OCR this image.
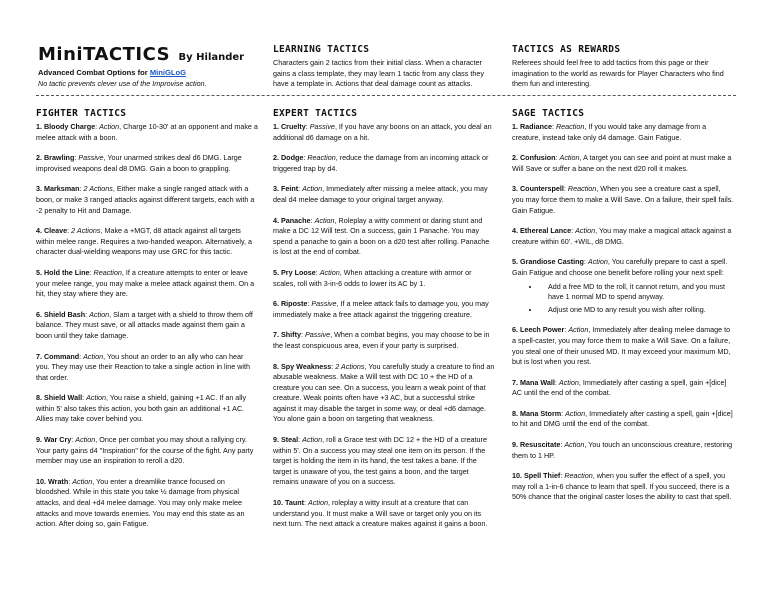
MiniTACTICS By Hilander
Advanced Combat Options for MiniGLoG
No tactic prevents clever use of the Improvise action.
LEARNING TACTICS
Characters gain 2 tactics from their initial class. When a character gains a class template, they may learn 1 tactic from any class they have a template in. Actions that deal damage count as attacks.
TACTICS AS REWARDS
Referees should feel free to add tactics from this page or their imagination to the world as rewards for Player Characters who find them fun and interesting.
FIGHTER TACTICS
1. Bloody Charge: Action, Charge 10-30' at an opponent and make a melee attack with a boon.
2. Brawling: Passive, Your unarmed strikes deal d6 DMG. Large improvised weapons deal d8 DMG. Gain a boon to grappling.
3. Marksman: 2 Actions, Either make a single ranged attack with a boon, or make 3 ranged attacks against different targets, each with a -2 penalty to Hit and Damage.
4. Cleave: 2 Actions, Make a +MGT, d8 attack against all targets within melee range. Requires a two-handed weapon. Alternatively, a character dual-wielding weapons may use GRC for this tactic.
5. Hold the Line: Reaction, If a creature attempts to enter or leave your melee range, you may make a melee attack against them. On a hit, they stay where they are.
6. Shield Bash: Action, Slam a target with a shield to throw them off balance. They must save, or all attacks made against them gain a boon until they take damage.
7. Command: Action, You shout an order to an ally who can hear you. They may use their Reaction to take a single action in line with that order.
8. Shield Wall: Action, You raise a shield, gaining +1 AC. If an ally within 5' also takes this action, you both gain an additional +1 AC. Allies may take cover behind you.
9. War Cry: Action, Once per combat you may shout a rallying cry. Your party gains d4 "Inspiration" for the course of the fight. Any party member may use an inspiration to reroll a d20.
10. Wrath: Action, You enter a dreamlike trance focused on bloodshed. While in this state you take ½ damage from physical attacks, and deal +d4 melee damage. You may only make melee attacks and move towards enemies. You may end this state as an action. After doing so, gain Fatigue.
EXPERT TACTICS
1. Cruelty: Passive, If you have any boons on an attack, you deal an additional d6 damage on a hit.
2. Dodge: Reaction, reduce the damage from an incoming attack or triggered trap by d4.
3. Feint: Action, Immediately after missing a melee attack, you may deal d4 melee damage to your original target anyway.
4. Panache: Action, Roleplay a witty comment or daring stunt and make a DC 12 Will test. On a success, gain 1 Panache. You may spend a panache to gain a boon on a d20 test after rolling. Panache is lost at the end of combat.
5. Pry Loose: Action, When attacking a creature with armor or scales, roll with 3-in-6 odds to lower its AC by 1.
6. Riposte: Passive, If a melee attack fails to damage you, you may immediately make a free attack against the triggering creature.
7. Shifty: Passive, When a combat begins, you may choose to be in the least conspicuous area, even if your party is surprised.
8. Spy Weakness: 2 Actions, You carefully study a creature to find an abusable weakness. Make a Will test with DC 10 + the HD of a creature you can see. On a success, you learn a weak point of that creature. Weak points often have +3 AC, but a successful strike against it may disable the target in some way, or deal +d6 damage. You alone gain a boon on targeting that weakness.
9. Steal: Action, roll a Grace test with DC 12 + the HD of a creature within 5'. On a success you may steal one item on its person. If the target is holding the item in its hand, the test takes a bane. If the target is unaware of you, the test gains a boon, and the target remains unaware of you on a success.
10. Taunt: Action, roleplay a witty insult at a creature that can understand you. It must make a Will save or target only you on its next turn. The next attack a creature makes against it gains a boon.
SAGE TACTICS
1. Radiance: Reaction, If you would take any damage from a creature, instead take only d4 damage. Gain Fatigue.
2. Confusion: Action, A target you can see and point at must make a Will Save or suffer a bane on the next d20 roll it makes.
3. Counterspell: Reaction, When you see a creature cast a spell, you may force them to make a Will Save. On a failure, their spell fails. Gain Fatigue.
4. Ethereal Lance: Action, You may make a magical attack against a creature within 60'. +WIL, d8 DMG.
5. Grandiose Casting: Action, You carefully prepare to cast a spell. Gain Fatigue and choose one benefit before rolling your next spell:
• Add a free MD to the roll, it cannot return, and you must have 1 normal MD to spend anyway.
• Adjust one MD to any result you wish after rolling.
6. Leech Power: Action, Immediately after dealing melee damage to a spell-caster, you may force them to make a Will Save. On a failure, you steal one of their unused MD. It may exceed your maximum MD, but is lost when you rest.
7. Mana Wall: Action, Immediately after casting a spell, gain +[dice] AC until the end of the combat.
8. Mana Storm: Action, Immediately after casting a spell, gain +[dice] to hit and DMG until the end of the combat.
9. Resuscitate: Action, You touch an unconscious creature, restoring them to 1 HP.
10. Spell Thief: Reaction, when you suffer the effect of a spell, you may roll a 1-in-6 chance to learn that spell. If you succeed, there is a 50% chance that the original caster loses the ability to cast that spell.
